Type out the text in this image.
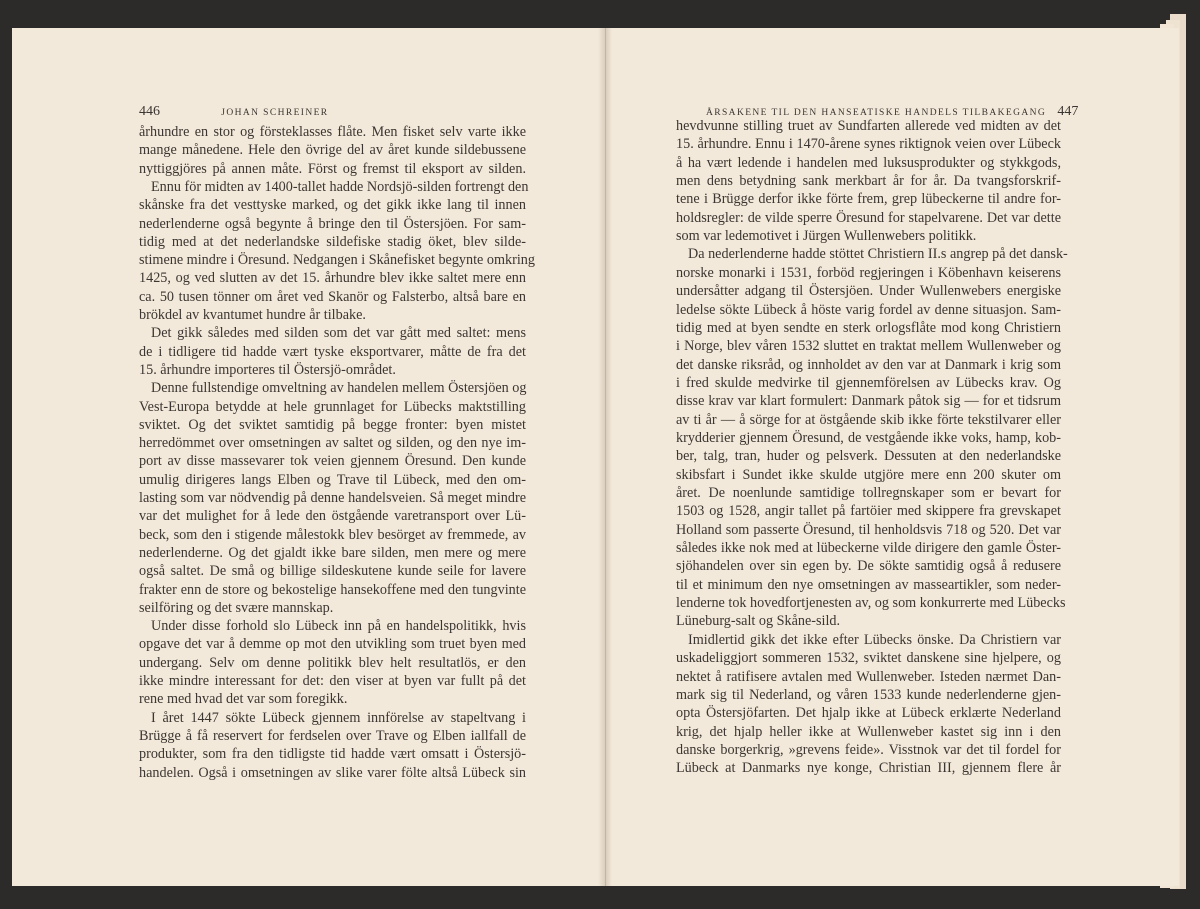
446	JOHAN SCHREINER	ÅRSAKENE TIL DEN HANSEATISKE HANDELS TILBAKEGANG 447
århundre en stor og försteklasses flåte. Men fisket selv varte ikke
mange månedene. Hele den övrige del av året kunde sildebussene
nyttiggjöres på annen måte. Först og fremst til eksport av silden.
Ennu för midten av 1400-tallet hadde Nordsjö-silden fortrengt den
skånske fra det vesttyske marked, og det gikk ikke lang til innen
nederlenderne også begynte å bringe den til Östersjöen. For sam-
tidig med at det nederlandske sildefiske stadig öket, blev silde-
stimene mindre i Öresund. Nedgangen i Skånefisket begynte omkring
1425, og ved slutten av det 15. århundre blev ikke saltet mere enn
ca. 50 tusen tönner om året ved Skanör og Falsterbo, altså bare en
brökdel av kvantumet hundre år tilbake.
Det gikk således med silden som det var gått med saltet: mens
de i tidligere tid hadde vært tyske eksportvarer, måtte de fra det
15. århundre importeres til Östersjö-området.
Denne fullstendige omveltning av handelen mellem Östersjöen og
Vest-Europa betydde at hele grunnlaget for Lübecks maktstilling
sviktet. Og det sviktet samtidig på begge fronter: byen mistet
herredömmet over omsetningen av saltet og silden, og den nye im-
port av disse massevarer tok veien gjennem Öresund. Den kunde
umulig dirigeres langs Elben og Trave til Lübeck, med den om-
lasting som var nödvendig på denne handelsveien. Så meget mindre
var det mulighet for å lede den östgående varetransport over Lü-
beck, som den i stigende målestokk blev besörget av fremmede, av
nederlenderne. Og det gjaldt ikke bare silden, men mere og mere
også saltet. De små og billige sildeskutene kunde seile for lavere
frakter enn de store og bekostelige hansekoffene med den tungvinte
seilföring og det svære mannskap.
Under disse forhold slo Lübeck inn på en handelspolitikk, hvis
opgave det var å demme op mot den utvikling som truet byen med
undergang. Selv om denne politikk blev helt resultatlös, er den
ikke mindre interessant for det: den viser at byen var fullt på det
rene med hvad det var som foregikk.
I året 1447 sökte Lübeck gjennem innförelse av stapeltvang i
Brügge å få reservert for ferdselen over Trave og Elben iallfall de
produkter, som fra den tidligste tid hadde vært omsatt i Östersjö-
handelen. Også i omsetningen av slike varer fölte altså Lübeck sin
hevdvunne stilling truet av Sundfarten allerede ved midten av det
15. århundre. Ennu i 1470-årene synes riktignok veien over Lübeck
å ha vært ledende i handelen med luksusprodukter og stykkgods,
men dens betydning sank merkbart år for år. Da tvangsforskrif-
tene i Brügge derfor ikke förte frem, grep lübeckerne til andre for-
holdsregler: de vilde sperre Öresund for stapelvarene. Det var dette
som var ledemotivet i Jürgen Wullenwebers politikk.
Da nederlenderne hadde stöttet Christiern II.s angrep på det dansk-
norske monarki i 1531, forböd regjeringen i Köbenhavn keiserens
undersåtter adgang til Östersjöen. Under Wullenwebers energiske
ledelse sökte Lübeck å höste varig fordel av denne situasjon. Sam-
tidig med at byen sendte en sterk orlogsflåte mod kong Christiern
i Norge, blev våren 1532 sluttet en traktat mellem Wullenweber og
det danske riksråd, og innholdet av den var at Danmark i krig som
i fred skulde medvirke til gjennemförelsen av Lübecks krav. Og
disse krav var klart formulert: Danmark påtok sig — for et tidsrum
av ti år — å sörge for at östgående skib ikke förte tekstilvarer eller
krydderier gjennem Öresund, de vestgående ikke voks, hamp, kob-
ber, talg, tran, huder og pelsverk. Dessuten at den nederlandske
skibsfart i Sundet ikke skulde utgjöre mere enn 200 skuter om
året. De noenlunde samtidige tollregnskaper som er bevart for
1503 og 1528, angir tallet på fartöier med skippere fra grevskapet
Holland som passerte Öresund, til henholdsvis 718 og 520. Det var
således ikke nok med at lübeckerne vilde dirigere den gamle Öster-
sjöhandelen over sin egen by. De sökte samtidig også å redusere
til et minimum den nye omsetningen av masseartikler, som neder-
lenderne tok hovedfortjenesten av, og som konkurrerte med Lübecks
Lüneburg-salt og Skåne-sild.
Imidlertid gikk det ikke efter Lübecks önske. Da Christiern var
uskadeliggjort sommeren 1532, sviktet danskene sine hjelpere, og
nektet å ratifisere avtalen med Wullenweber. Isteden nærmet Dan-
mark sig til Nederland, og våren 1533 kunde nederlenderne gjen-
opta Östersjöfarten. Det hjalp ikke at Lübeck erklærte Nederland
krig, det hjalp heller ikke at Wullenweber kastet sig inn i den
danske borgerkrig, »grevens feide». Visstnok var det til fordel for
Lübeck at Danmarks nye konge, Christian III, gjennem flere år
